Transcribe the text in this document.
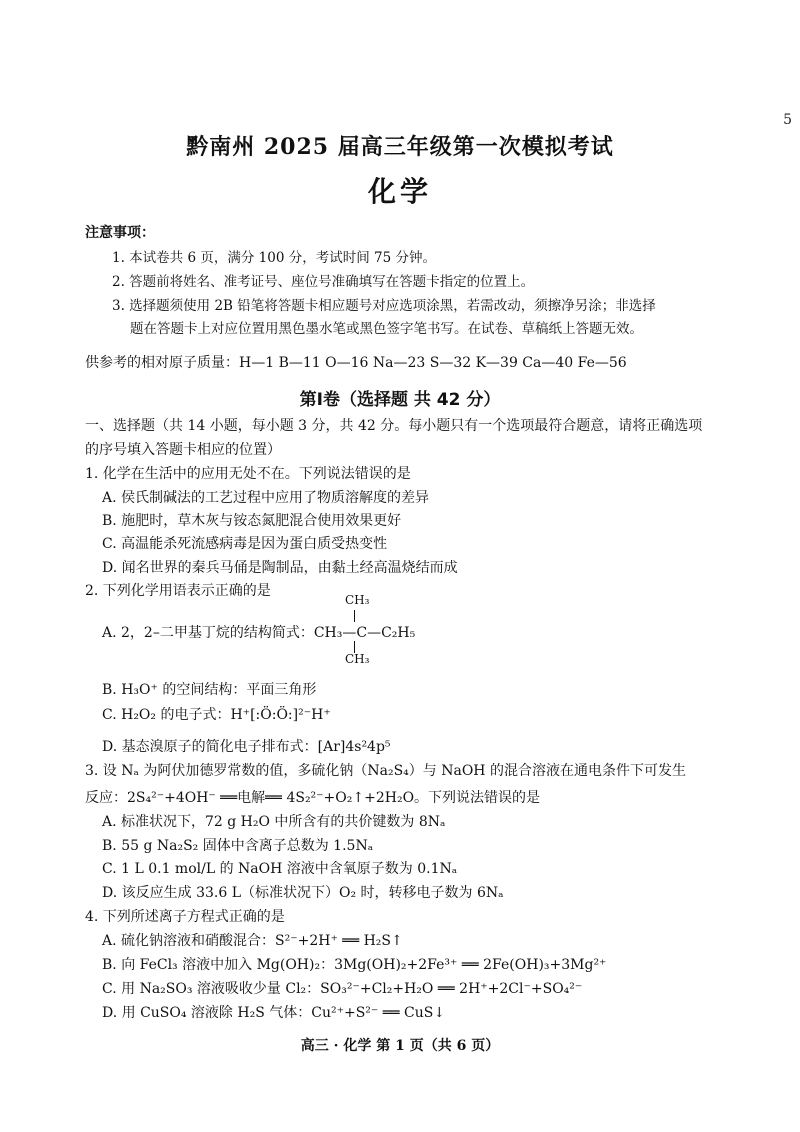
5
黔南州 2025 届高三年级第一次模拟考试
化学
注意事项：
1. 本试卷共 6 页，满分 100 分，考试时间 75 分钟。
2. 答题前将姓名、准考证号、座位号准确填写在答题卡指定的位置上。
3. 选择题须使用 2B 铅笔将答题卡相应题号对应选项涂黑，若需改动，须擦净另涂；非选择
题在答题卡上对应位置用黑色墨水笔或黑色签字笔书写。在试卷、草稿纸上答题无效。
供参考的相对原子质量：H—1 B—11 O—16 Na—23 S—32 K—39 Ca—40 Fe—56
第Ⅰ卷（选择题 共 42 分）
一、选择题（共 14 小题，每小题 3 分，共 42 分。每小题只有一个选项最符合题意，请将正确选项
的序号填入答题卡相应的位置）
1. 化学在生活中的应用无处不在。下列说法错误的是
A. 侯氏制碱法的工艺过程中应用了物质溶解度的差异
B. 施肥时，草木灰与铵态氮肥混合使用效果更好
C. 高温能杀死流感病毒是因为蛋白质受热变性
D. 闻名世界的秦兵马俑是陶制品，由黏土经高温烧结而成
2. 下列化学用语表示正确的是
CH₃
A. 2，2–二甲基丁烷的结构简式：CH₃—C—C₂H₅
CH₃
B. H₃O⁺ 的空间结构：平面三角形
C. H₂O₂ 的电子式：H⁺[:Ö:Ö:]²⁻H⁺
D. 基态溴原子的简化电子排布式：[Ar]4s²4p⁵
3. 设 Nₐ 为阿伏加德罗常数的值，多硫化钠（Na₂S₄）与 NaOH 的混合溶液在通电条件下可发生
反应：2S₄²⁻+4OH⁻ ══电解══ 4S₂²⁻+O₂↑+2H₂O。下列说法错误的是
A. 标准状况下，72 g H₂O 中所含有的共价键数为 8Nₐ
B. 55 g Na₂S₂ 固体中含离子总数为 1.5Nₐ
C. 1 L 0.1 mol/L 的 NaOH 溶液中含氧原子数为 0.1Nₐ
D. 该反应生成 33.6 L（标准状况下）O₂ 时，转移电子数为 6Nₐ
4. 下列所述离子方程式正确的是
A. 硫化钠溶液和硝酸混合：S²⁻+2H⁺ ══ H₂S↑
B. 向 FeCl₃ 溶液中加入 Mg(OH)₂：3Mg(OH)₂+2Fe³⁺ ══ 2Fe(OH)₃+3Mg²⁺
C. 用 Na₂SO₃ 溶液吸收少量 Cl₂：SO₃²⁻+Cl₂+H₂O ══ 2H⁺+2Cl⁻+SO₄²⁻
D. 用 CuSO₄ 溶液除 H₂S 气体：Cu²⁺+S²⁻ ══ CuS↓
高三 · 化学 第 1 页（共 6 页）
